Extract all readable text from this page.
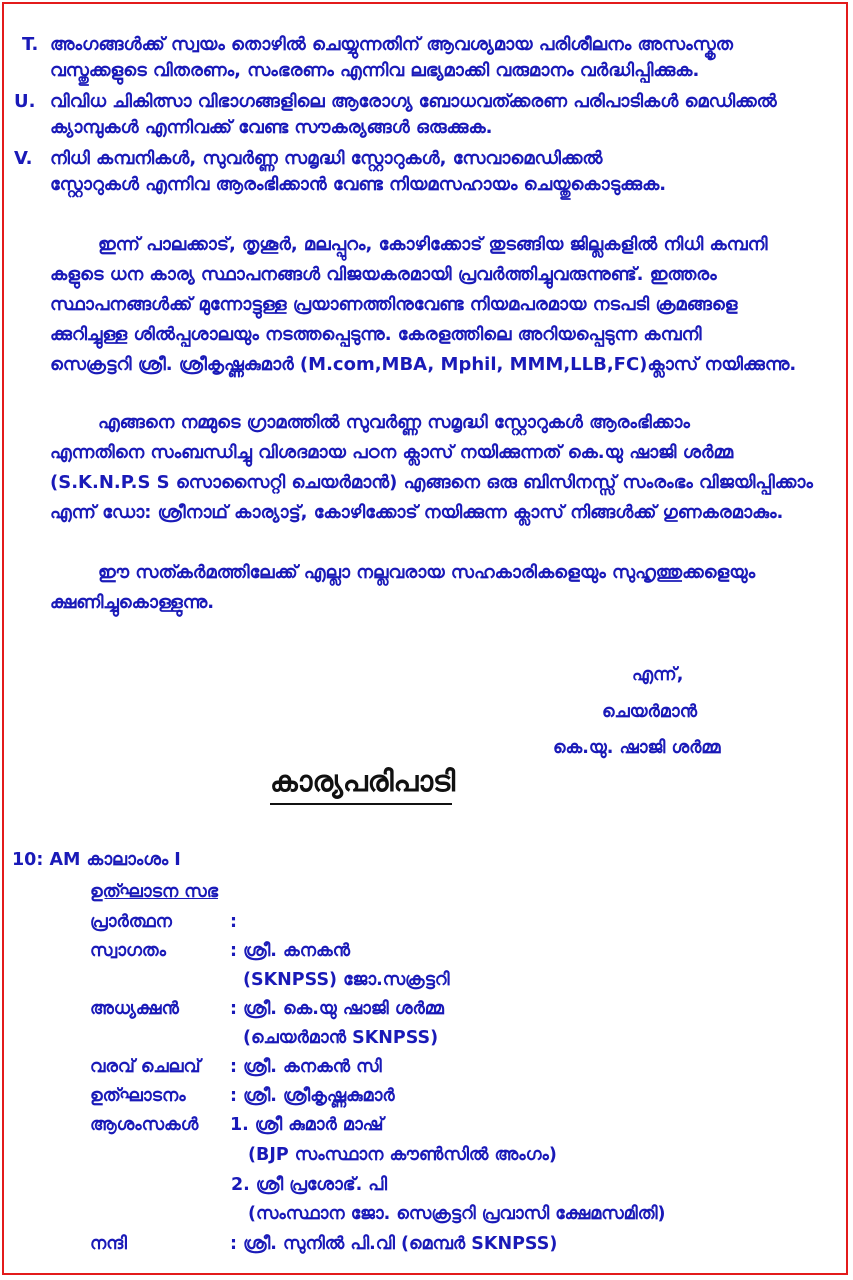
T. അംഗങ്ങൾക്ക് സ്വയം തൊഴിൽ ചെയ്യുന്നതിന് ആവശ്യമായ പരിശീലനം അസംസ്കൃത
വസ്തുക്കളുടെ വിതരണം, സംഭരണം എന്നിവ ലഭ്യമാക്കി വരുമാനം വർദ്ധിപ്പിക്കുക.
U. വിവിധ ചികിത്സാ വിഭാഗങ്ങളിലെ ആരോഗ്യ ബോധവത്ക്കരണ പരിപാടികൾ മെഡിക്കൽ
ക്യാമ്പുകൾ എന്നിവക്ക് വേണ്ട സൗകര്യങ്ങൾ ഒരുക്കുക.
V. നിധി കമ്പനികൾ, സുവർണ്ണ സമൃദ്ധി സ്റ്റോറുകൾ, സേവാമെഡിക്കൽ
സ്റ്റോറുകൾ എന്നിവ ആരംഭിക്കാൻ വേണ്ട നിയമസഹായം ചെയ്തുകൊടുക്കുക.
ഇന്ന് പാലക്കാട്, തൃശൂർ, മലപ്പുറം, കോഴിക്കോട് തുടങ്ങിയ ജില്ലകളിൽ നിധി കമ്പനി
കളുടെ ധന കാര്യ സ്ഥാപനങ്ങൾ വിജയകരമായി പ്രവർത്തിച്ചുവരുന്നുണ്ട്. ഇത്തരം
സ്ഥാപനങ്ങൾക്ക് മുന്നോട്ടുള്ള പ്രയാണത്തിനുവേണ്ട നിയമപരമായ നടപടി ക്രമങ്ങളെ
ക്കുറിച്ചുള്ള ശിൽപ്പശാലയും നടത്തപ്പെടുന്നു. കേരളത്തിലെ അറിയപ്പെടുന്ന കമ്പനി
സെക്രട്ടറി ശ്രീ. ശ്രീകൃഷ്ണകുമാർ (M.com,MBA, Mphil, MMM,LLB,FC)ക്ലാസ് നയിക്കുന്നു.
എങ്ങനെ നമ്മുടെ ഗ്രാമത്തിൽ സുവർണ്ണ സമൃദ്ധി സ്റ്റോറുകൾ ആരംഭിക്കാം
എന്നതിനെ സംബന്ധിച്ചു വിശദമായ പഠന ക്ലാസ് നയിക്കുന്നത് കെ.യു ഷാജി ശർമ്മ
(S.K.N.P.S S സൊസൈറ്റി ചെയർമാൻ) എങ്ങനെ ഒരു ബിസിനസ്സ് സംരംഭം വിജയിപ്പിക്കാം
എന്ന് ഡോ: ശ്രീനാഥ് കാര്യാട്ട്, കോഴിക്കോട് നയിക്കുന്ന ക്ലാസ് നിങ്ങൾക്ക് ഗുണകരമാകും.
ഈ സത്കർമത്തിലേക്ക് എല്ലാ നല്ലവരായ സഹകാരികളെയും സുഹൃത്തുക്കളെയും
ക്ഷണിച്ചുകൊള്ളുന്നു.
എന്ന്,
ചെയർമാൻ
കെ.യു. ഷാജി ശർമ്മ
കാര്യപരിപാടി
10: AM കാലാംശം I
ഉത്ഘാടന സഭ
പ്രാർത്ഥന	:
സ്വാഗതം	: ശ്രീ. കനകൻ
(SKNPSS) ജോ.സക്രട്ടറി
അധ്യക്ഷൻ	: ശ്രീ. കെ.യു ഷാജി ശർമ്മ
(ചെയർമാൻ SKNPSS)
വരവ് ചെലവ് : ശ്രീ. കനകൻ സി
ഉത്ഘാടനം	: ശ്രീ. ശ്രീകൃഷ്ണകുമാർ
ആശംസകൾ 1. ശ്രീ കുമാർ മാഷ്
(BJP സംസ്ഥാന കൗൺസിൽ അംഗം)
2. ശ്രീ പ്രശോഭ്. പി
(സംസ്ഥാന ജോ. സെക്രട്ടറി പ്രവാസി ക്ഷേമസമിതി)
നന്ദി	: ശ്രീ. സുനിൽ പി.വി (മെമ്പർ SKNPSS)
